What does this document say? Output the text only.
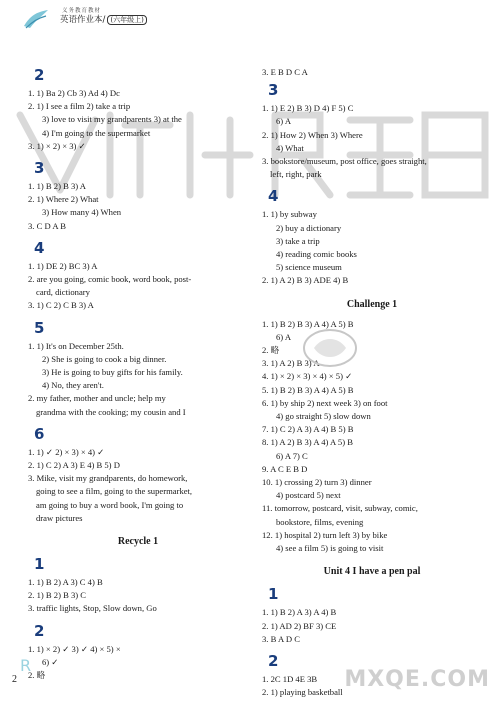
义务教育教材
英语作业本/ (六年级上)
2
1. 1) Ba 2) Cb 3) Ad 4) Dc
2. 1) I see a film 2) take a trip
3) love to visit my grandparents 3) at the
4) I'm going to the supermarket
3. 1) × 2) × 3) ✓
3
1. 1) B 2) B 3) A
2. 1) Where 2) What
3) How many 4) When
3. C D A B
4
1. 1) DE 2) BC 3) A
2. are you going, comic book, word book, post-
card, dictionary
3. 1) C 2) C B 3) A
5
1. 1) It's on December 25th.
2) She is going to cook a big dinner.
3) He is going to buy gifts for his family.
4) No, they aren't.
2. my father, mother and uncle; help my
grandma with the cooking; my cousin and I
6
1. 1) ✓ 2) × 3) × 4) ✓
2. 1) C 2) A 3) E 4) B 5) D
3. Mike, visit my grandparents, do homework,
going to see a film, going to the supermarket,
am going to buy a word book, I'm going to
draw pictures
Recycle 1
1
1. 1) B 2) A 3) C 4) B
2. 1) B 2) B 3) C
3. traffic lights, Stop, Slow down, Go
2
1. 1) × 2) ✓ 3) ✓ 4) × 5) ×
6) ✓
2. 略
3. E B D C A
3
1. 1) E 2) B 3) D 4) F 5) C
6) A
2. 1) How 2) When 3) Where
4) What
3. bookstore/museum, post office, goes straight,
left, right, park
4
1. 1) by subway
2) buy a dictionary
3) take a trip
4) reading comic books
5) science museum
2. 1) A 2) B 3) ADE 4) B
Challenge 1
1. 1) B 2) B 3) A 4) A 5) B
6) A
2. 略
3. 1) A 2) B 3) A
4. 1) × 2) × 3) × 4) × 5) ✓
5. 1) B 2) B 3) A 4) A 5) B
6. 1) by ship 2) next week 3) on foot
4) go straight 5) slow down
7. 1) C 2) A 3) A 4) B 5) B
8. 1) A 2) B 3) A 4) A 5) B
6) A 7) C
9. A C E B D
10. 1) crossing 2) turn 3) dinner
4) postcard 5) next
11. tomorrow, postcard, visit, subway, comic,
bookstore, films, evening
12. 1) hospital 2) turn left 3) by bike
4) see a film 5) is going to visit
Unit 4 I have a pen pal
1
1. 1) B 2) A 3) A 4) B
2. 1) AD 2) BF 3) CE
3. B A D C
2
1. 2C 1D 4E 3B
2. 1) playing basketball
R
2	MXQE.COM
